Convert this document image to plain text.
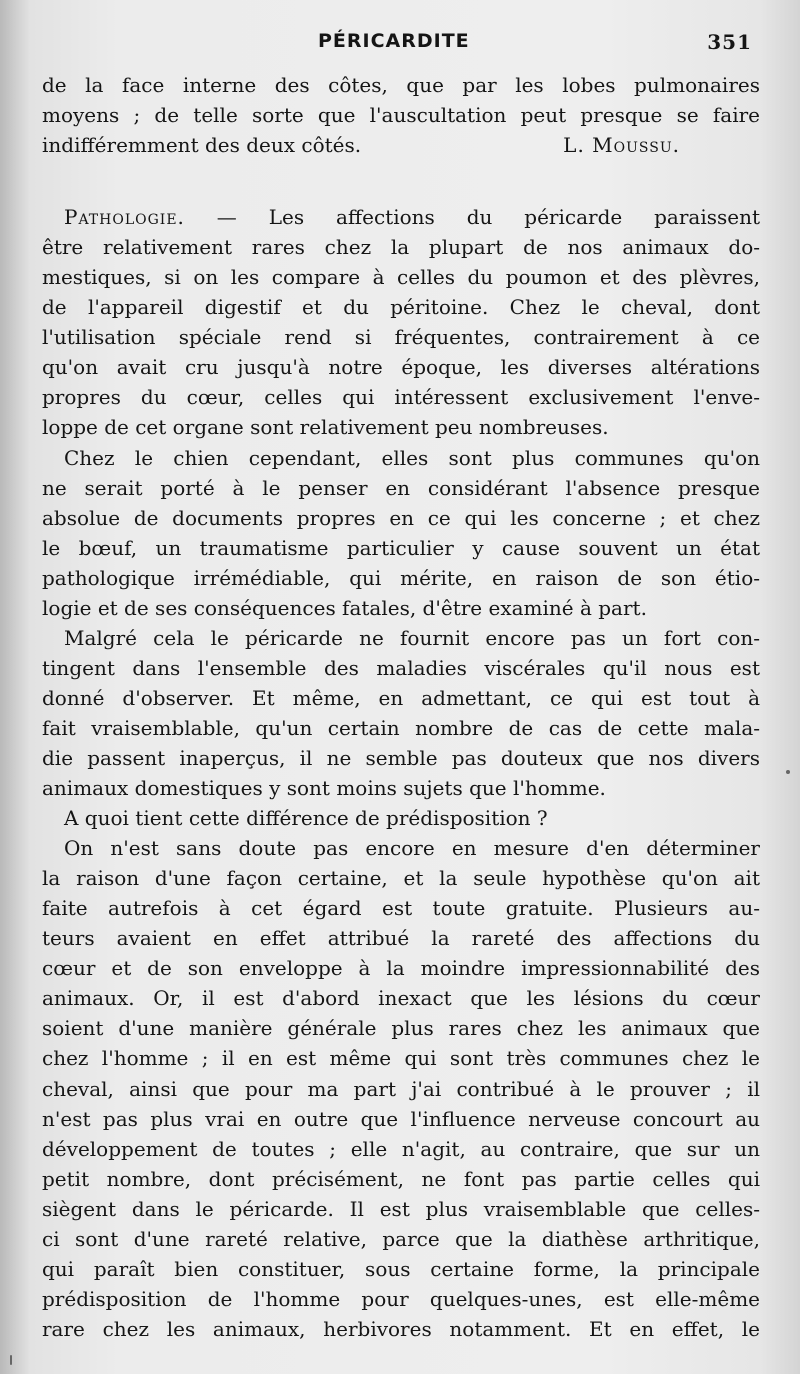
PÉRICARDITE	351
de la face interne des côtes, que par les lobes pulmonaires
moyens ; de telle sorte que l'auscultation peut presque se faire
indifféremment des deux côtés.	L. Moussu.
Pathologie. — Les affections du péricarde paraissent
être relativement rares chez la plupart de nos animaux do-
mestiques, si on les compare à celles du poumon et des plèvres,
de l'appareil digestif et du péritoine. Chez le cheval, dont
l'utilisation spéciale rend si fréquentes, contrairement à ce
qu'on avait cru jusqu'à notre époque, les diverses altérations
propres du cœur, celles qui intéressent exclusivement l'enve-
loppe de cet organe sont relativement peu nombreuses.
Chez le chien cependant, elles sont plus communes qu'on
ne serait porté à le penser en considérant l'absence presque
absolue de documents propres en ce qui les concerne ; et chez
le bœuf, un traumatisme particulier y cause souvent un état
pathologique irrémédiable, qui mérite, en raison de son étio-
logie et de ses conséquences fatales, d'être examiné à part.
Malgré cela le péricarde ne fournit encore pas un fort con-
tingent dans l'ensemble des maladies viscérales qu'il nous est
donné d'observer. Et même, en admettant, ce qui est tout à
fait vraisemblable, qu'un certain nombre de cas de cette mala-
die passent inaperçus, il ne semble pas douteux que nos divers
animaux domestiques y sont moins sujets que l'homme.
A quoi tient cette différence de prédisposition ?
On n'est sans doute pas encore en mesure d'en déterminer
la raison d'une façon certaine, et la seule hypothèse qu'on ait
faite autrefois à cet égard est toute gratuite. Plusieurs au-
teurs avaient en effet attribué la rareté des affections du
cœur et de son enveloppe à la moindre impressionnabilité des
animaux. Or, il est d'abord inexact que les lésions du cœur
soient d'une manière générale plus rares chez les animaux que
chez l'homme ; il en est même qui sont très communes chez le
cheval, ainsi que pour ma part j'ai contribué à le prouver ; il
n'est pas plus vrai en outre que l'influence nerveuse concourt au
développement de toutes ; elle n'agit, au contraire, que sur un
petit nombre, dont précisément, ne font pas partie celles qui
siègent dans le péricarde. Il est plus vraisemblable que celles-
ci sont d'une rareté relative, parce que la diathèse arthritique,
qui paraît bien constituer, sous certaine forme, la principale
prédisposition de l'homme pour quelques-unes, est elle-même
rare chez les animaux, herbivores notamment. Et en effet, le
